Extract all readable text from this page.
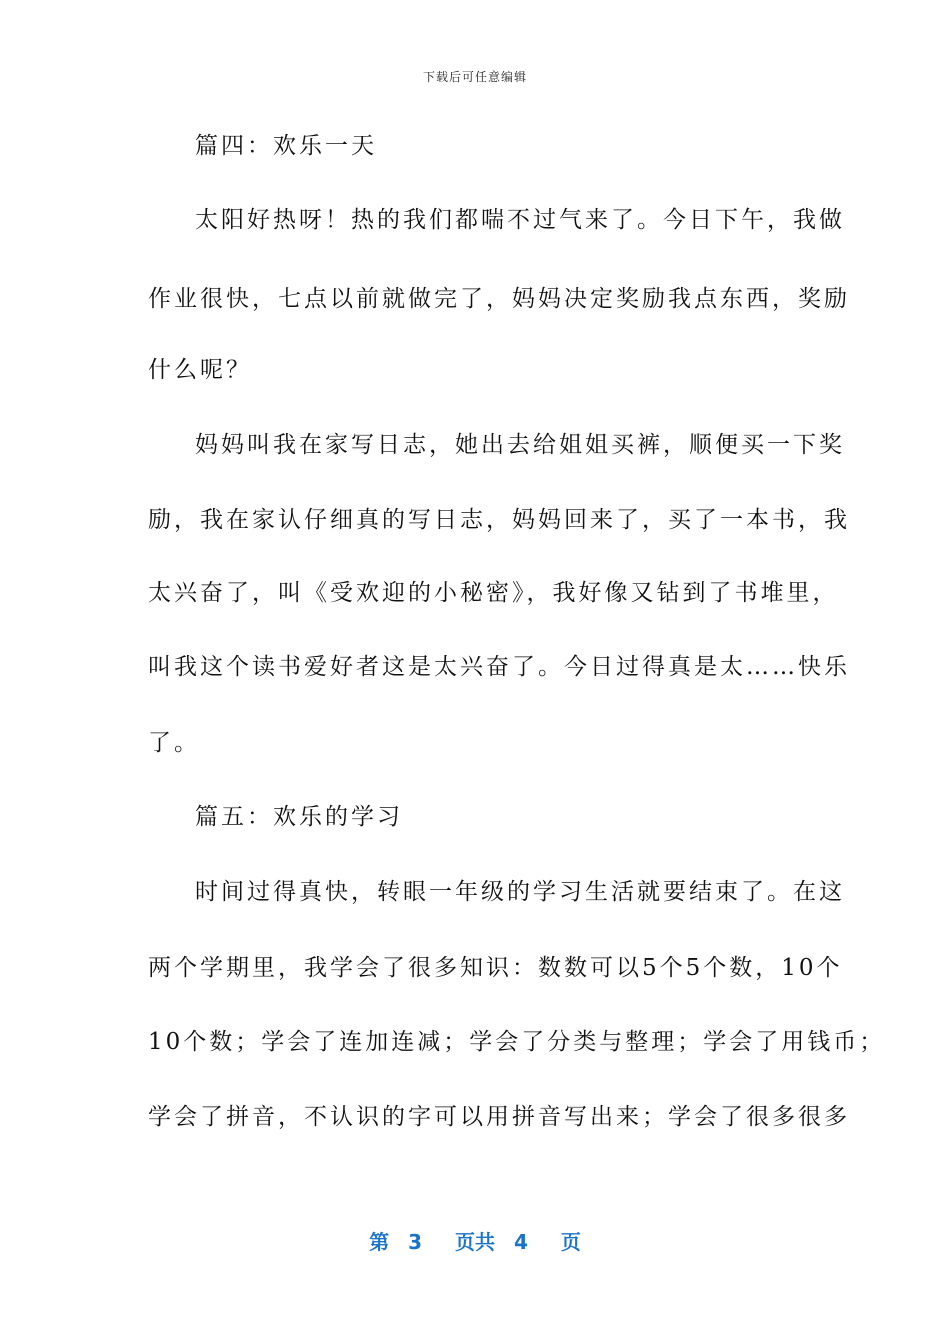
下载后可任意编辑
篇四：欢乐一天
太阳好热呀！热的我们都喘不过气来了。今日下午，我做
作业很快，七点以前就做完了，妈妈决定奖励我点东西，奖励
什么呢？
妈妈叫我在家写日志，她出去给姐姐买裤，顺便买一下奖
励，我在家认仔细真的写日志，妈妈回来了，买了一本书，我
太兴奋了，叫《受欢迎的小秘密》，我好像又钻到了书堆里，
叫我这个读书爱好者这是太兴奋了。今日过得真是太……快乐
了。
篇五：欢乐的学习
时间过得真快，转眼一年级的学习生活就要结束了。在这
两个学期里，我学会了很多知识：数数可以5个5个数，10个
10个数；学会了连加连减；学会了分类与整理；学会了用钱币；
学会了拼音，不认识的字可以用拼音写出来；学会了很多很多
第 3 页共 4 页
